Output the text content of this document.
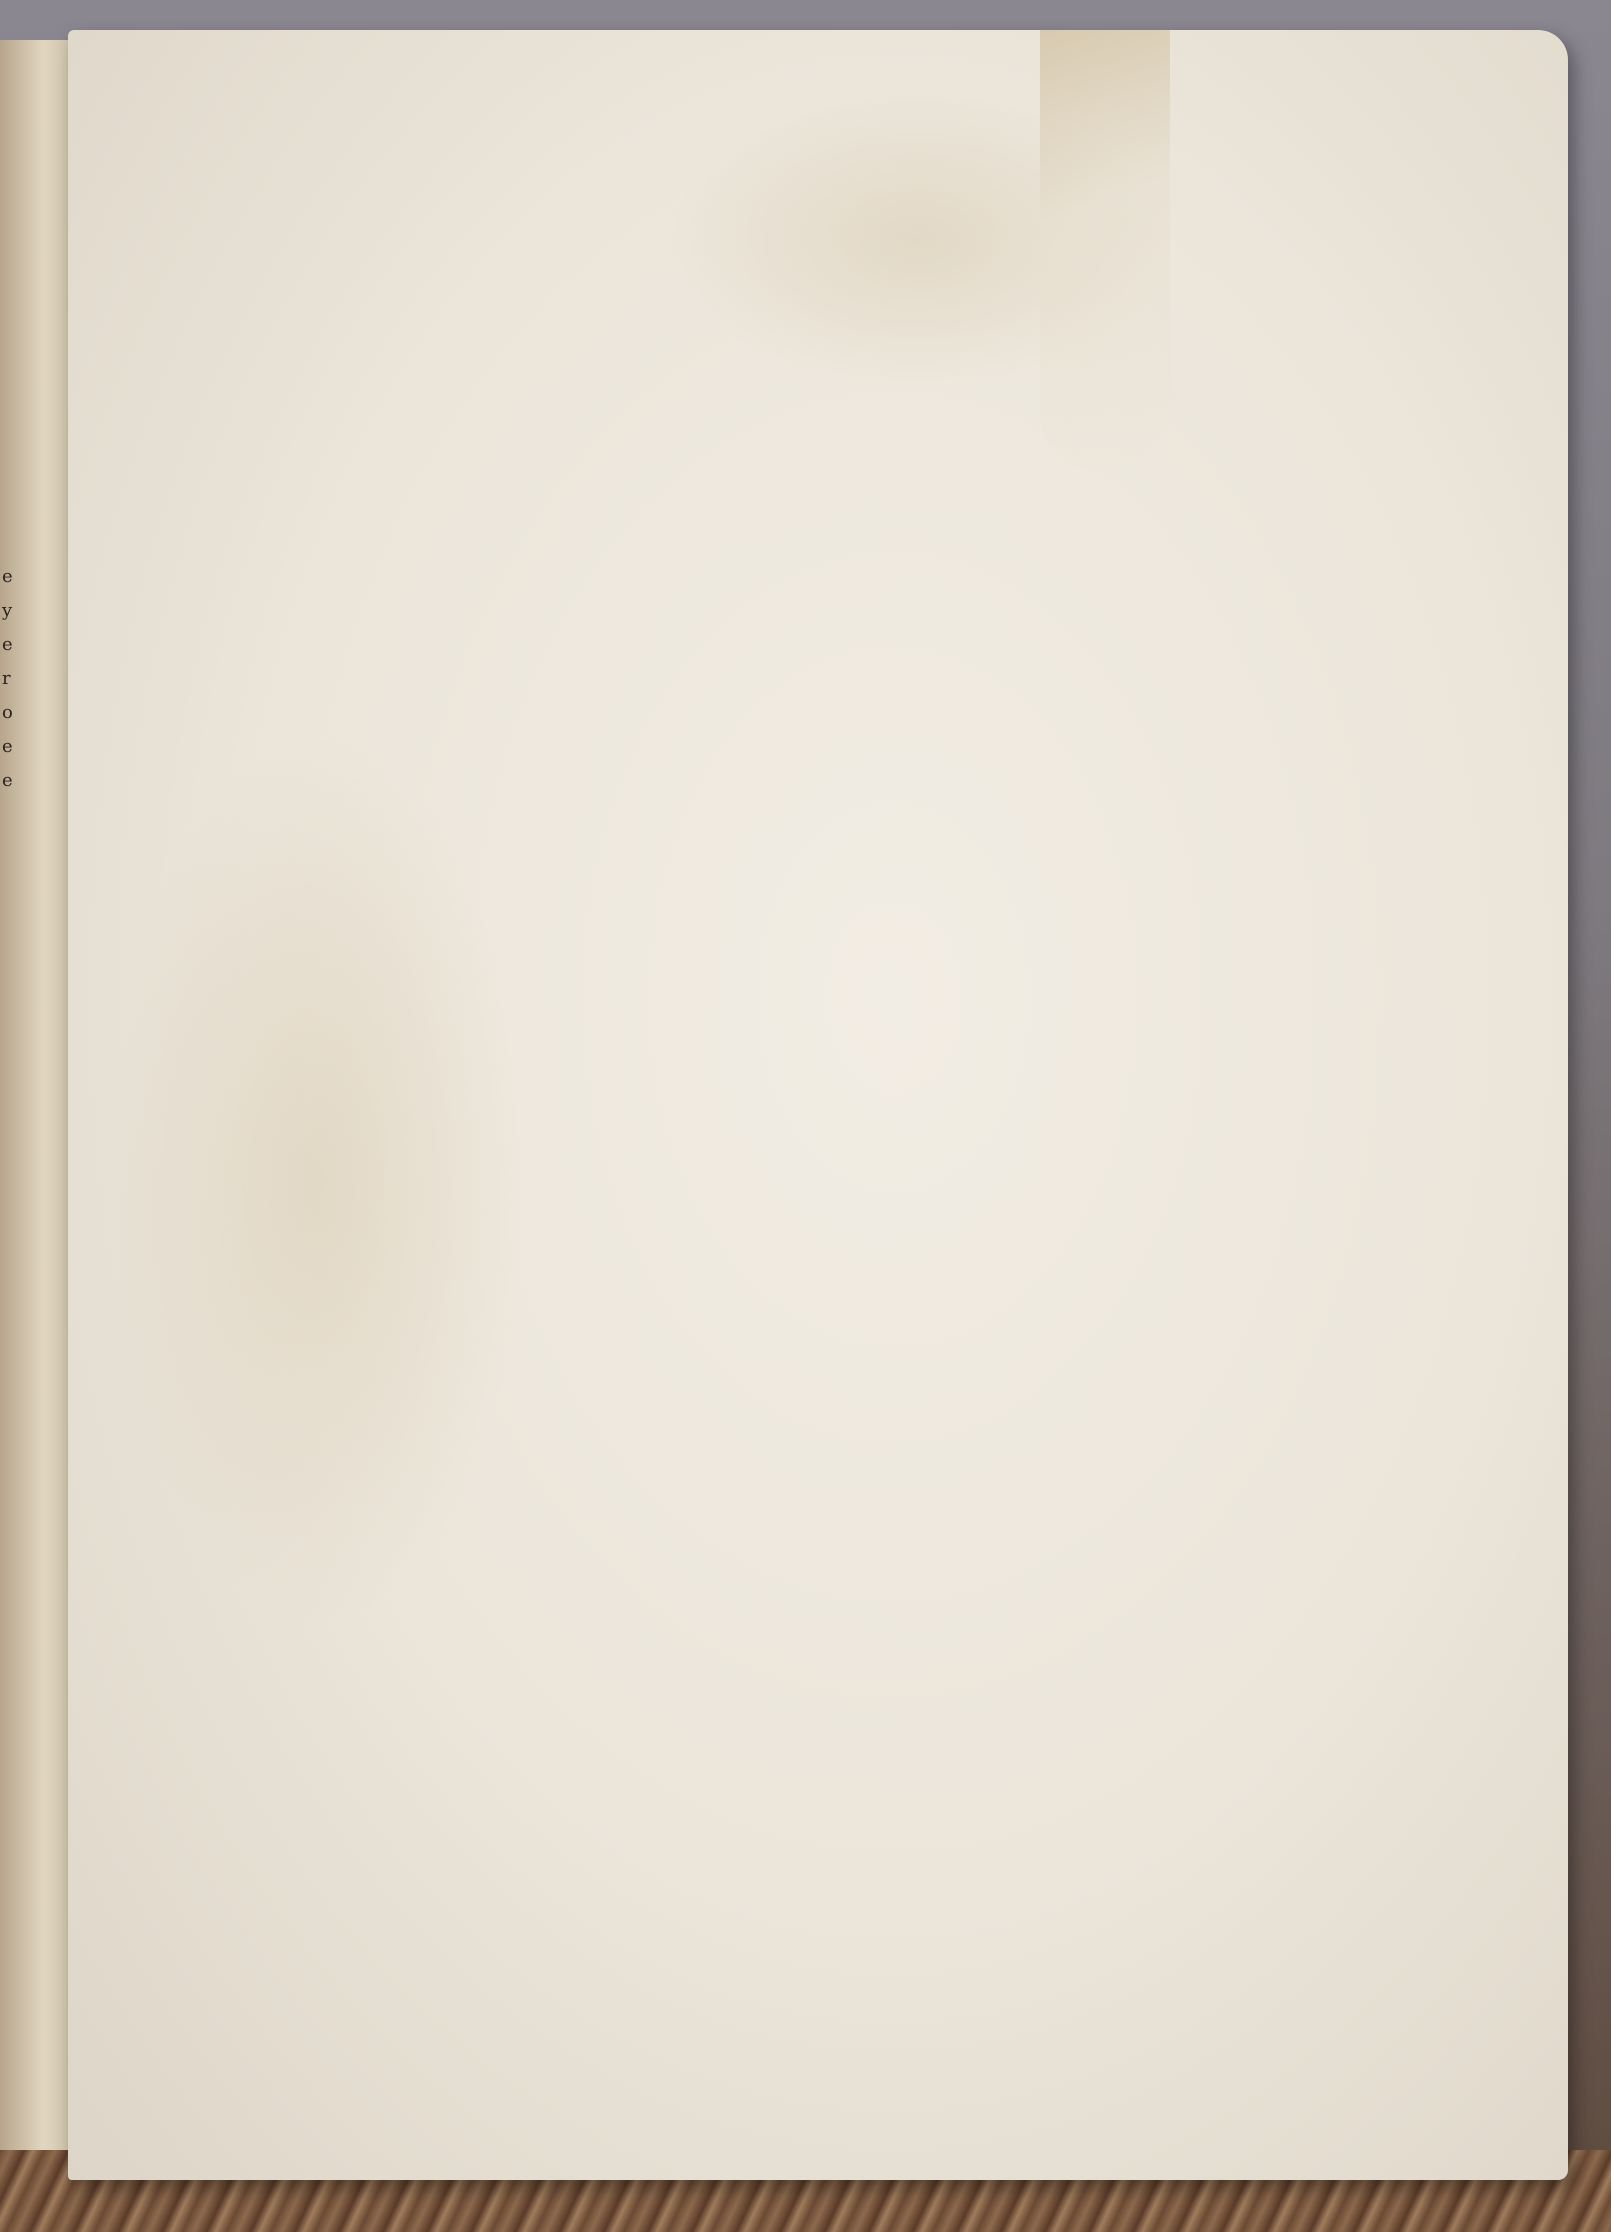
e
y
e
r
o
e
e
